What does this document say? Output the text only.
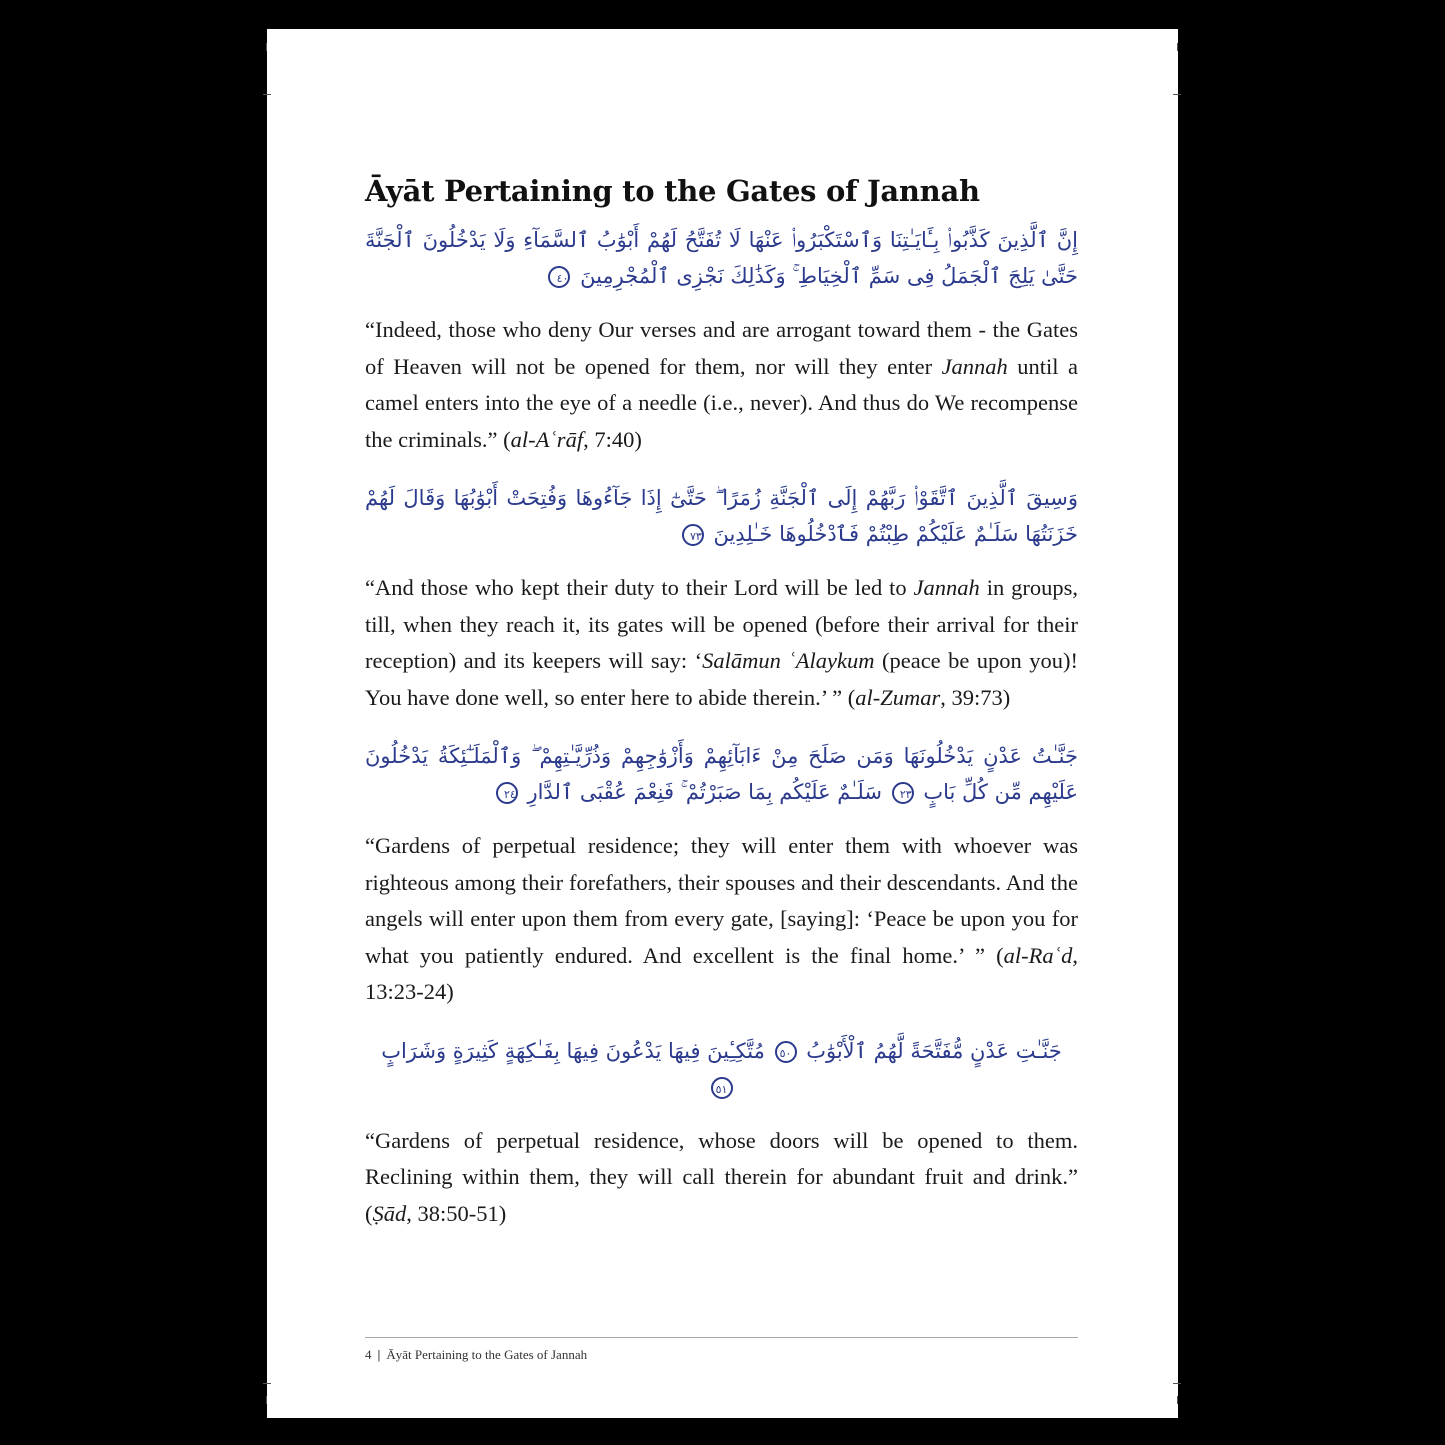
Āyāt Pertaining to the Gates of Jannah

إِنَّ ٱلَّذِينَ كَذَّبُوا۟ بِـَٔايَـٰتِنَا وَٱسْتَكْبَرُوا۟ عَنْهَا لَا تُفَتَّحُ لَهُمْ أَبْوَٰبُ ٱلسَّمَآءِ وَلَا يَدْخُلُونَ ٱلْجَنَّةَ حَتَّىٰ يَلِجَ ٱلْجَمَلُ فِى سَمِّ ٱلْخِيَاطِ ۚ وَكَذَٰلِكَ نَجْزِى ٱلْمُجْرِمِينَ ٤٠

“Indeed, those who deny Our verses and are arrogant toward them - the Gates of Heaven will not be opened for them, nor will they enter Jannah until a camel enters into the eye of a needle (i.e., never). And thus do We recompense the criminals.” (al-Aʿrāf, 7:40)

وَسِيقَ ٱلَّذِينَ ٱتَّقَوْا۟ رَبَّهُمْ إِلَى ٱلْجَنَّةِ زُمَرًا ۖ حَتَّىٰٓ إِذَا جَآءُوهَا وَفُتِحَتْ أَبْوَٰبُهَا وَقَالَ لَهُمْ خَزَنَتُهَا سَلَـٰمٌ عَلَيْكُمْ طِبْتُمْ فَٱدْخُلُوهَا خَـٰلِدِينَ ٧٣

“And those who kept their duty to their Lord will be led to Jannah in groups, till, when they reach it, its gates will be opened (before their arrival for their reception) and its keepers will say: ‘Salāmun ʿAlaykum (peace be upon you)! You have done well, so enter here to abide therein.’ ” (al-Zumar, 39:73)

جَنَّـٰتُ عَدْنٍ يَدْخُلُونَهَا وَمَن صَلَحَ مِنْ ءَابَآئِهِمْ وَأَزْوَٰجِهِمْ وَذُرِّيَّـٰتِهِمْ ۖ وَٱلْمَلَـٰٓئِكَةُ يَدْخُلُونَ عَلَيْهِم مِّن كُلِّ بَابٍ ٢٣ سَلَـٰمٌ عَلَيْكُم بِمَا صَبَرْتُمْ ۚ فَنِعْمَ عُقْبَى ٱلدَّارِ ٢٤

“Gardens of perpetual residence; they will enter them with whoever was righteous among their forefathers, their spouses and their descendants. And the angels will enter upon them from every gate, [saying]: ‘Peace be upon you for what you patiently endured. And excellent is the final home.’ ” (al-Raʿd, 13:23-24)

جَنَّـٰتِ عَدْنٍ مُّفَتَّحَةً لَّهُمُ ٱلْأَبْوَٰبُ ٥٠ مُتَّكِـِٔينَ فِيهَا يَدْعُونَ فِيهَا بِفَـٰكِهَةٍ كَثِيرَةٍ وَشَرَابٍ ٥١

“Gardens of perpetual residence, whose doors will be opened to them. Reclining within them, they will call therein for abundant fruit and drink.” (Ṣād, 38:50-51)

4 | Āyāt Pertaining to the Gates of Jannah
